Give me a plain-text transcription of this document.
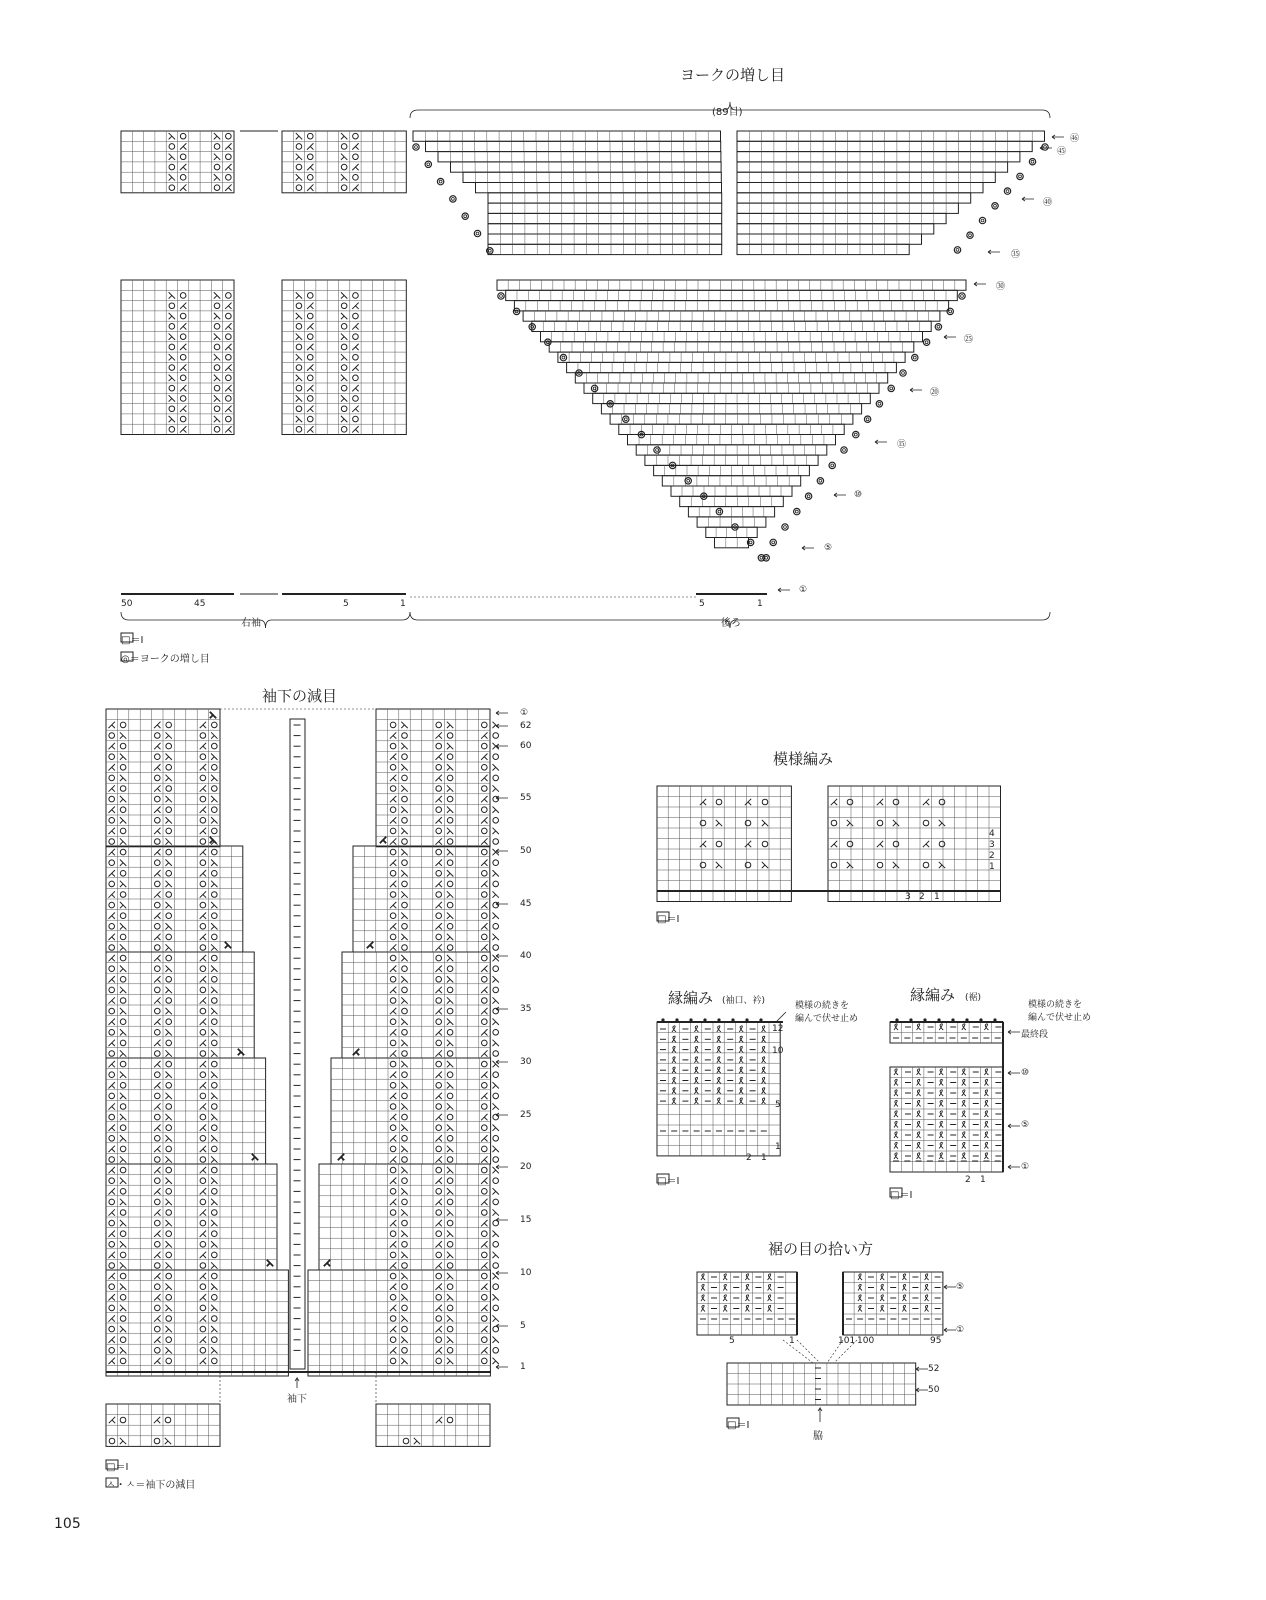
ヨークの増し目
(89目)
右袖	後ろ
50	45	5	1	5	1
㊻
㊺
㊵
㉟
㉚
㉕
⑳
⑮
⑩
⑤
①
□＝Ⅰ
◎＝ヨークの増し目
袖下の減目
①
62
60
55
50
45
40
35
30
25
20
15
10
5
1
袖下
□＝Ⅰ
ㅅ・ㅅ＝袖下の減目
模様編み
4
3
2
1
3 2 1
□＝Ⅰ
縁編み (袖口、衿)	模様の続きを
編んで伏せ止め
12
10
5
1
2 1
□＝Ⅰ
縁編み (裾)
模様の続きを
編んで伏せ止め
最終段
⑩
⑤
①
2 1
□＝Ⅰ
裾の目の拾い方
5	1	101 100	95
⑤
①
52
50
脇
□＝Ⅰ
105
